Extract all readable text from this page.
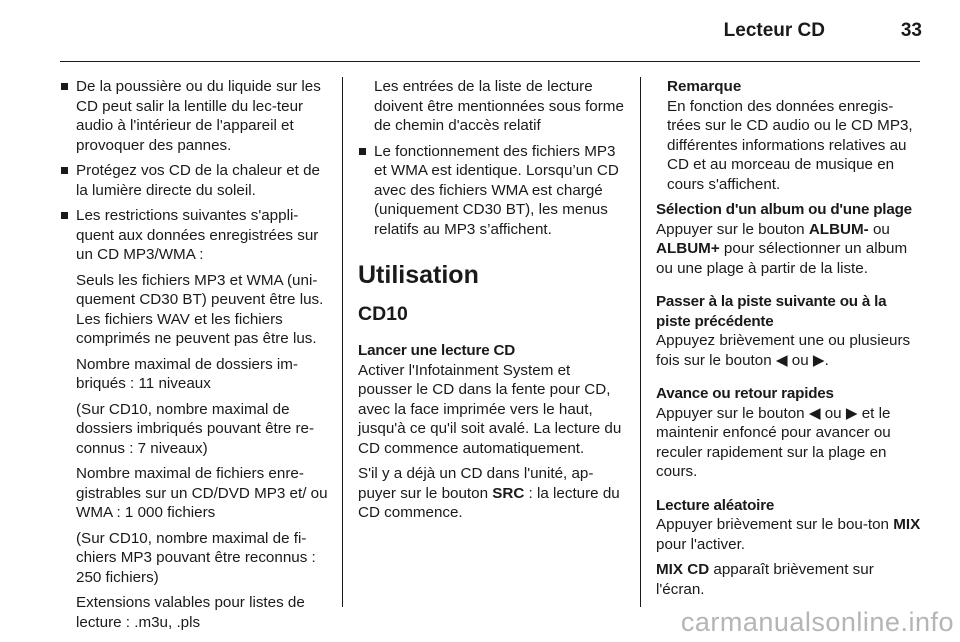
Lecteur CD	33
De la poussière ou du liquide sur les CD peut salir la lentille du lec-teur audio à l'intérieur de l'appareil et provoquer des pannes.
Protégez vos CD de la chaleur et de la lumière directe du soleil.
Les restrictions suivantes s'appli-quent aux données enregistrées sur un CD MP3/WMA :
Seuls les fichiers MP3 et WMA (uni-quement CD30 BT) peuvent être lus. Les fichiers WAV et les fichiers comprimés ne peuvent pas être lus.
Nombre maximal de dossiers im-briqués : 11 niveaux
(Sur CD10, nombre maximal de dossiers imbriqués pouvant être re-connus : 7 niveaux)
Nombre maximal de fichiers enre-gistrables sur un CD/DVD MP3 et/ ou WMA : 1 000 fichiers
(Sur CD10, nombre maximal de fi-chiers MP3 pouvant être reconnus : 250 fichiers)
Extensions valables pour listes de lecture : .m3u, .pls
Les entrées de la liste de lecture doivent être mentionnées sous forme de chemin d'accès relatif
Le fonctionnement des fichiers MP3 et WMA est identique. Lorsqu’un CD avec des fichiers WMA est chargé (uniquement CD30 BT), les menus relatifs au MP3 s’affichent.
Utilisation
CD10
Lancer une lecture CD

Activer l'Infotainment System et pousser le CD dans la fente pour CD, avec la face imprimée vers le haut, jusqu'à ce qu'il soit avalé. La lecture du CD commence automatiquement.

S'il y a déjà un CD dans l'unité, ap-puyer sur le bouton SRC : la lecture du CD commence.

Remarque
En fonction des données enregis-trées sur le CD audio ou le CD MP3, différentes informations relatives au CD et au morceau de musique en cours s'affichent.
Sélection d'un album ou d'une plage

Appuyer sur le bouton ALBUM- ou ALBUM+ pour sélectionner un album ou une plage à partir de la liste.

Passer à la piste suivante ou à la piste précédente

Appuyez brièvement une ou plusieurs fois sur le bouton ◀ ou ▶.

Avance ou retour rapides

Appuyer sur le bouton ◀ ou ▶ et le maintenir enfoncé pour avancer ou reculer rapidement sur la plage en cours.

Lecture aléatoire

Appuyer brièvement sur le bou-ton MIX pour l'activer.

MIX CD apparaît brièvement sur l'écran.

carmanualsonline.info
